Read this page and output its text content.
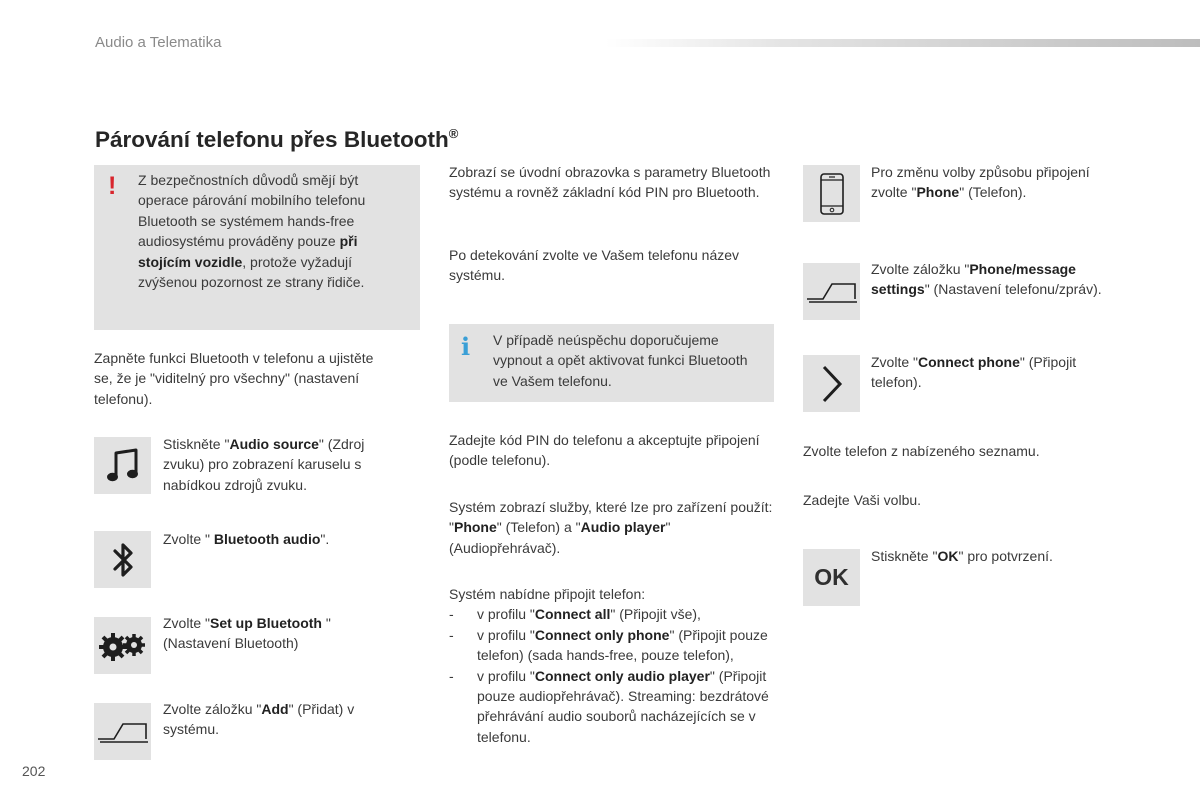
Audio a Telematika
Párování telefonu přes Bluetooth®
! Z bezpečnostních důvodů smějí být operace párování mobilního telefonu Bluetooth se systémem hands-free audiosystému prováděny pouze při stojícím vozidle, protože vyžadují zvýšenou pozornost ze strany řidiče.
Zapněte funkci Bluetooth v telefonu a ujistěte se, že je "viditelný pro všechny" (nastavení telefonu).
Stiskněte "Audio source" (Zdroj zvuku) pro zobrazení karuselu s nabídkou zdrojů zvuku.
Zvolte " Bluetooth audio".
Zvolte "Set up Bluetooth " (Nastavení Bluetooth)
Zvolte záložku "Add" (Přidat) v systému.
Zobrazí se úvodní obrazovka s parametry Bluetooth systému a rovněž základní kód PIN pro Bluetooth.
Po detekování zvolte ve Vašem telefonu název systému.
i V případě neúspěchu doporučujeme vypnout a opět aktivovat funkci Bluetooth ve Vašem telefonu.
Zadejte kód PIN do telefonu a akceptujte připojení (podle telefonu).
Systém zobrazí služby, které lze pro zařízení použít: "Phone" (Telefon) a "Audio player" (Audiopřehrávač).
Systém nabídne připojit telefon:
- v profilu "Connect all" (Připojit vše),
- v profilu "Connect only phone" (Připojit pouze telefon) (sada hands-free, pouze telefon),
- v profilu "Connect only audio player" (Připojit pouze audiopřehrávač). Streaming: bezdrátové přehrávání audio souborů nacházejících se v telefonu.
Pro změnu volby způsobu připojení zvolte "Phone" (Telefon).
Zvolte záložku "Phone/message settings" (Nastavení telefonu/zpráv).
Zvolte "Connect phone" (Připojit telefon).
Zvolte telefon z nabízeného seznamu.
Zadejte Vaši volbu.
OK
Stiskněte "OK" pro potvrzení.
202
